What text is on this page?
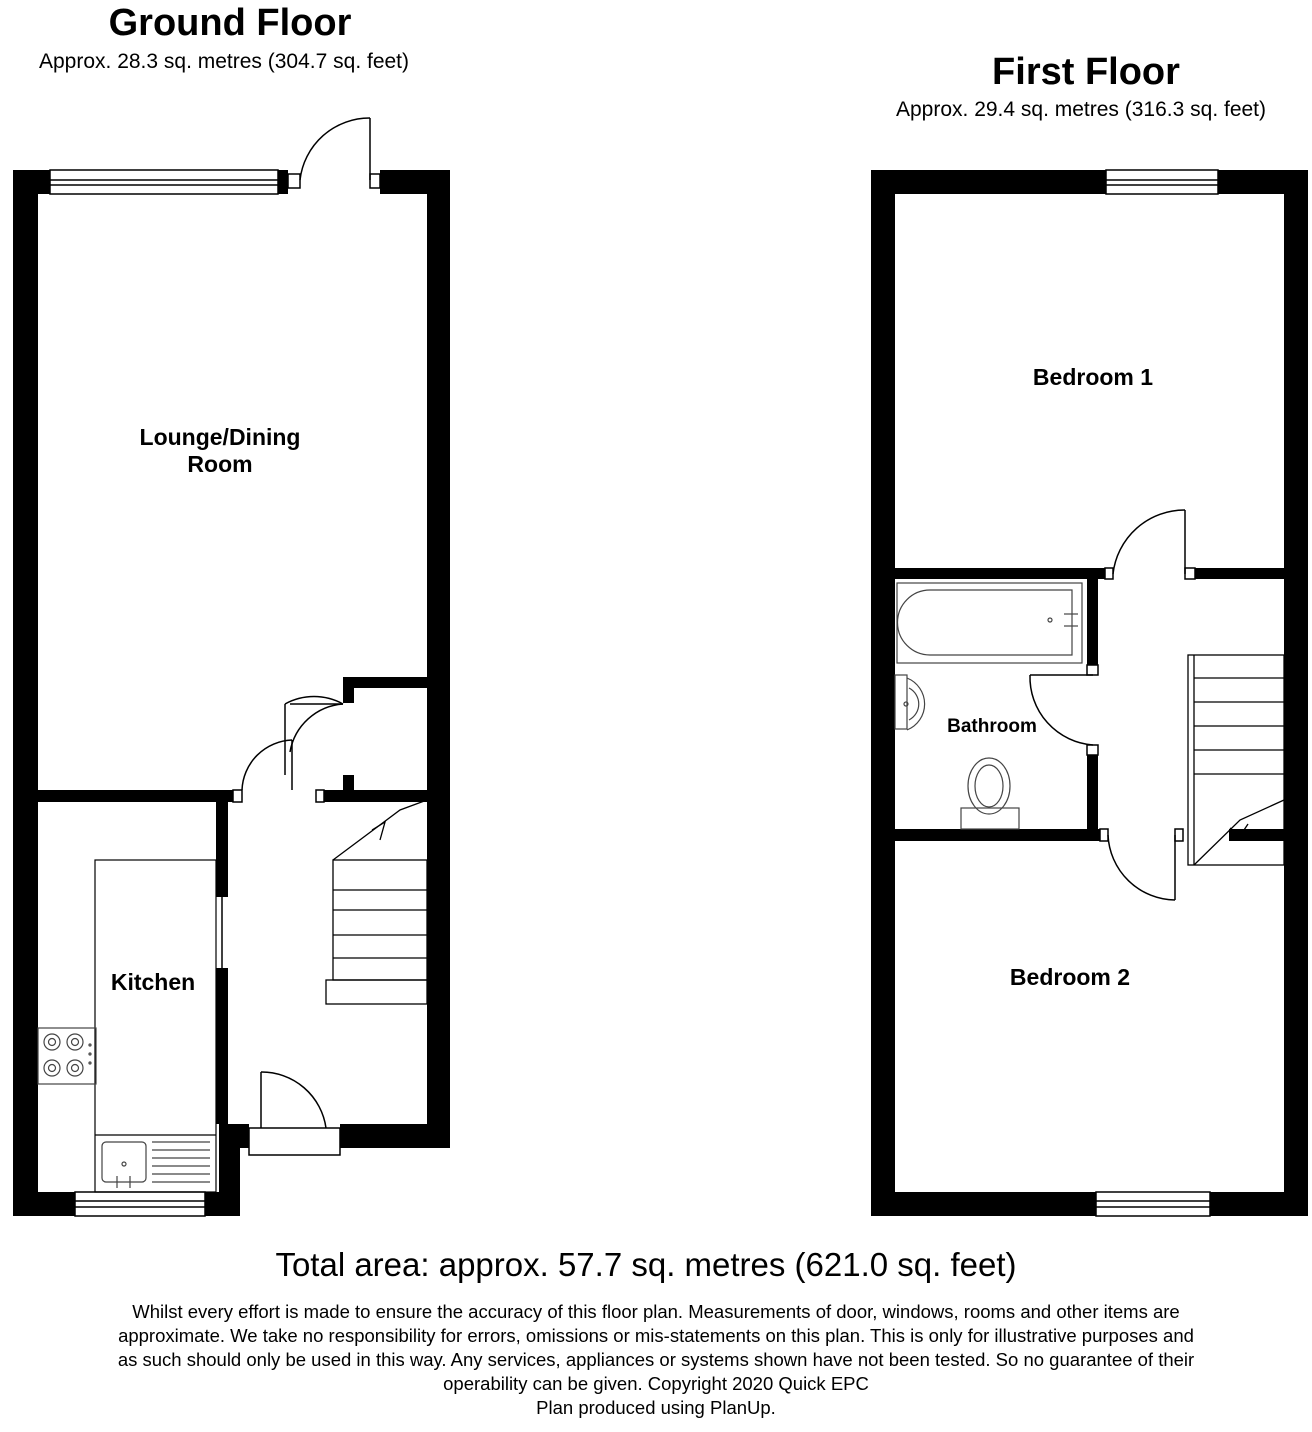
Ground Floor
Approx. 28.3 sq. metres (304.7 sq. feet)	First Floor
Approx. 29.4 sq. metres (316.3 sq. feet)
Lounge/Dining
Room
Kitchen
Bedroom 1
Bathroom
Bedroom 2
Total area: approx. 57.7 sq. metres (621.0 sq. feet)
Whilst every effort is made to ensure the accuracy of this floor plan. Measurements of door, windows, rooms and other items are
approximate. We take no responsibility for errors, omissions or mis-statements on this plan. This is only for illustrative purposes and
as such should only be used in this way. Any services, appliances or systems shown have not been tested. So no guarantee of their
operability can be given. Copyright 2020 Quick EPC
Plan produced using PlanUp.
